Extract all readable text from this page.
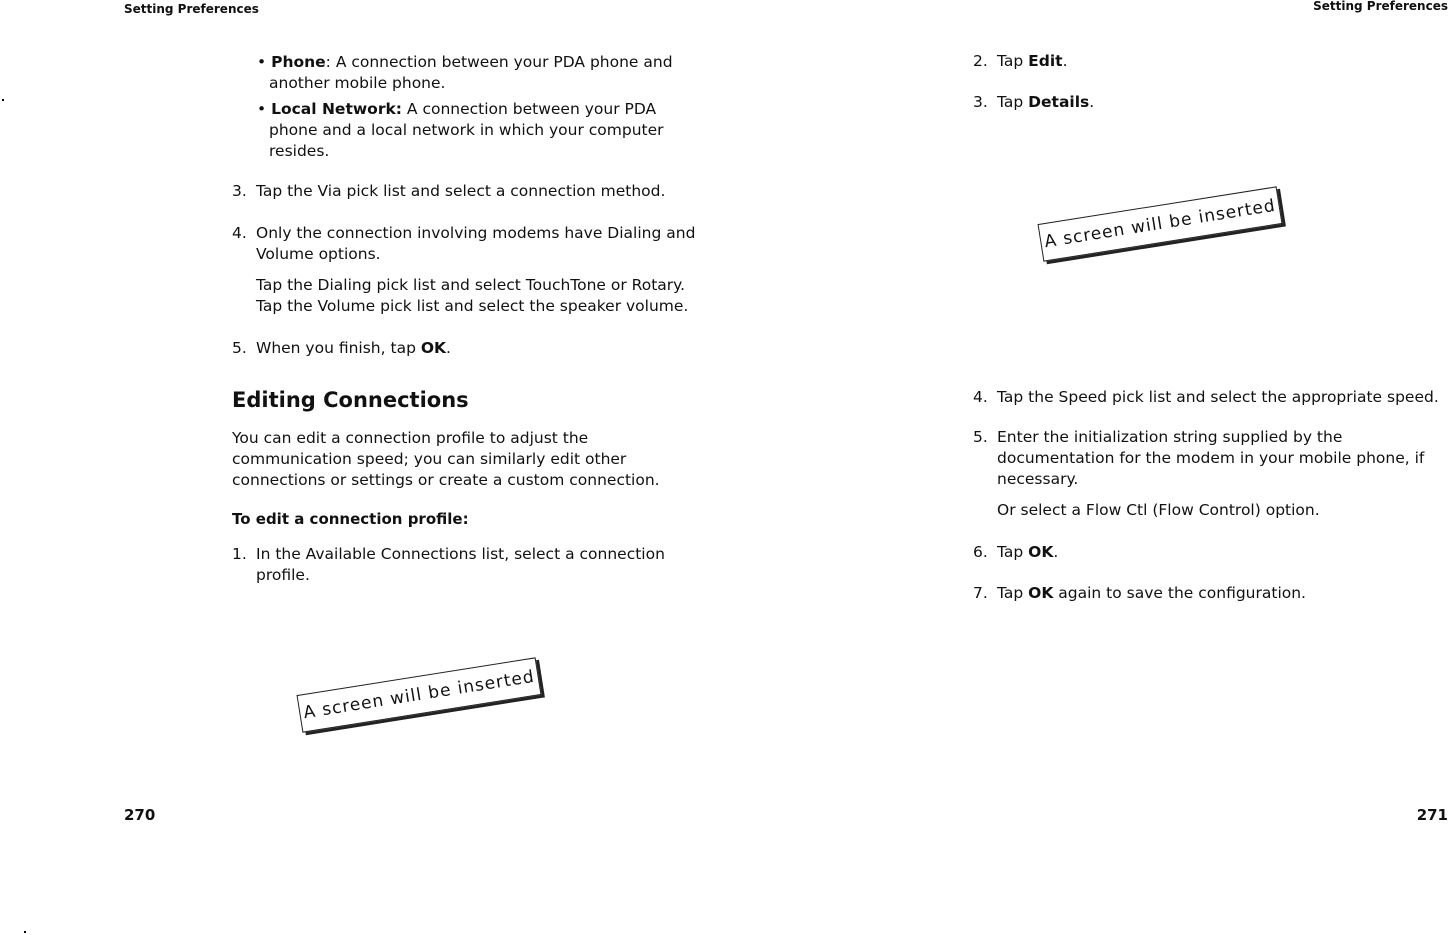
Setting Preferences
• Phone: A connection between your PDA phone and
another mobile phone.
• Local Network: A connection between your PDA
phone and a local network in which your computer
resides.
3. Tap the Via pick list and select a connection method.
4. Only the connection involving modems have Dialing and
Volume options.
Tap the Dialing pick list and select TouchTone or Rotary.
Tap the Volume pick list and select the speaker volume.
5. When you finish, tap OK.
Editing Connections
You can edit a connection profile to adjust the
communication speed; you can similarly edit other
connections or settings or create a custom connection.
To edit a connection profile:
1. In the Available Connections list, select a connection
profile.
A screen will be inserted
270
Setting Preferences
2. Tap Edit.
3. Tap Details.
A screen will be inserted
4. Tap the Speed pick list and select the appropriate speed.
5. Enter the initialization string supplied by the
documentation for the modem in your mobile phone, if
necessary.
Or select a Flow Ctl (Flow Control) option.
6. Tap OK.
7. Tap OK again to save the configuration.
271
